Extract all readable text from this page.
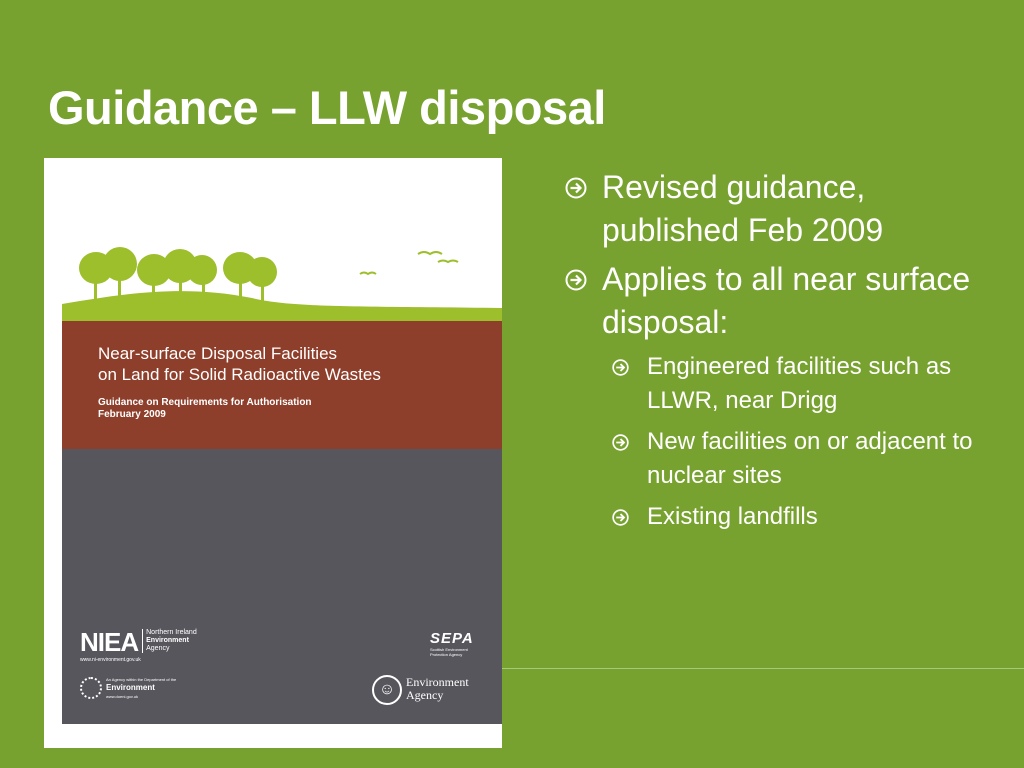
Guidance – LLW disposal
Near-surface Disposal Facilities
on Land for Solid Radioactive Wastes
Guidance on Requirements for Authorisation
February 2009
NIEA Northern Ireland
Environment
Agency
www.ni-environment.gov.uk
An Agency within the Department of the
Environment
www.doeni.gov.uk
SEPA
Scottish Environment Protection Agency
☺ Environment
Agency
Revised guidance, published Feb 2009
Applies to all near surface disposal:
Engineered facilities such as LLWR, near Drigg
New facilities on or adjacent to nuclear sites
Existing landfills
